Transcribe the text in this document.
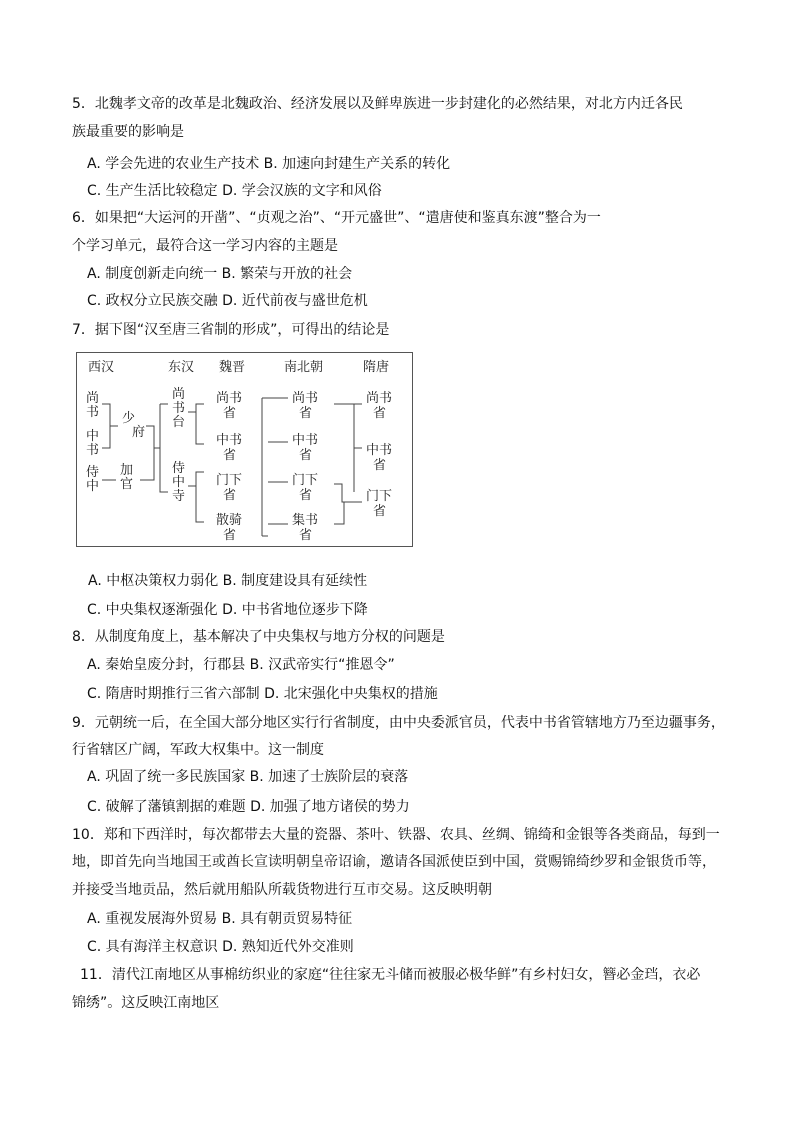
5．北魏孝文帝的改革是北魏政治、经济发展以及鲜卑族进一步封建化的必然结果，对北方内迁各民
族最重要的影响是
A. 学会先进的农业生产技术 B. 加速向封建生产关系的转化
C. 生产生活比较稳定 D. 学会汉族的文字和风俗
6．如果把“大运河的开凿”、“贞观之治”、“开元盛世”、“遣唐使和鉴真东渡”整合为一
个学习单元，最符合这一学习内容的主题是
A. 制度创新走向统一 B. 繁荣与开放的社会
C. 政权分立民族交融 D. 近代前夜与盛世危机
7．据下图“汉至唐三省制的形成”，可得出的结论是
西汉	东汉 魏晋	南北朝	隋唐
尚
书
中
书
侍
中
少
府
加
官
尚
书
台
侍
中
寺
尚书省
中书省
门下省
散骑省
尚书省
中书省
门下省
集书省
尚书省
中书省
门下省
A. 中枢决策权力弱化 B. 制度建设具有延续性
C. 中央集权逐渐强化 D. 中书省地位逐步下降
8．从制度角度上，基本解决了中央集权与地方分权的问题是
A. 秦始皇废分封，行郡县 B. 汉武帝实行“推恩令”
C. 隋唐时期推行三省六部制 D. 北宋强化中央集权的措施
9．元朝统一后，在全国大部分地区实行行省制度，由中央委派官员，代表中书省管辖地方乃至边疆事务，
行省辖区广阔，军政大权集中。这一制度
A. 巩固了统一多民族国家 B. 加速了士族阶层的衰落
C. 破解了藩镇割据的难题 D. 加强了地方诸侯的势力
10．郑和下西洋时，每次都带去大量的瓷器、茶叶、铁器、农具、丝绸、锦绮和金银等各类商品，每到一
地，即首先向当地国王或酋长宣读明朝皇帝诏谕，邀请各国派使臣到中国，赏赐锦绮纱罗和金银货币等，
并接受当地贡品，然后就用船队所载货物进行互市交易。这反映明朝
A. 重视发展海外贸易 B. 具有朝贡贸易特征
C. 具有海洋主权意识 D. 熟知近代外交准则
11．清代江南地区从事棉纺织业的家庭“往往家无斗储而被服必极华鲜”有乡村妇女，簪必金珰，衣必
锦绣”。这反映江南地区
